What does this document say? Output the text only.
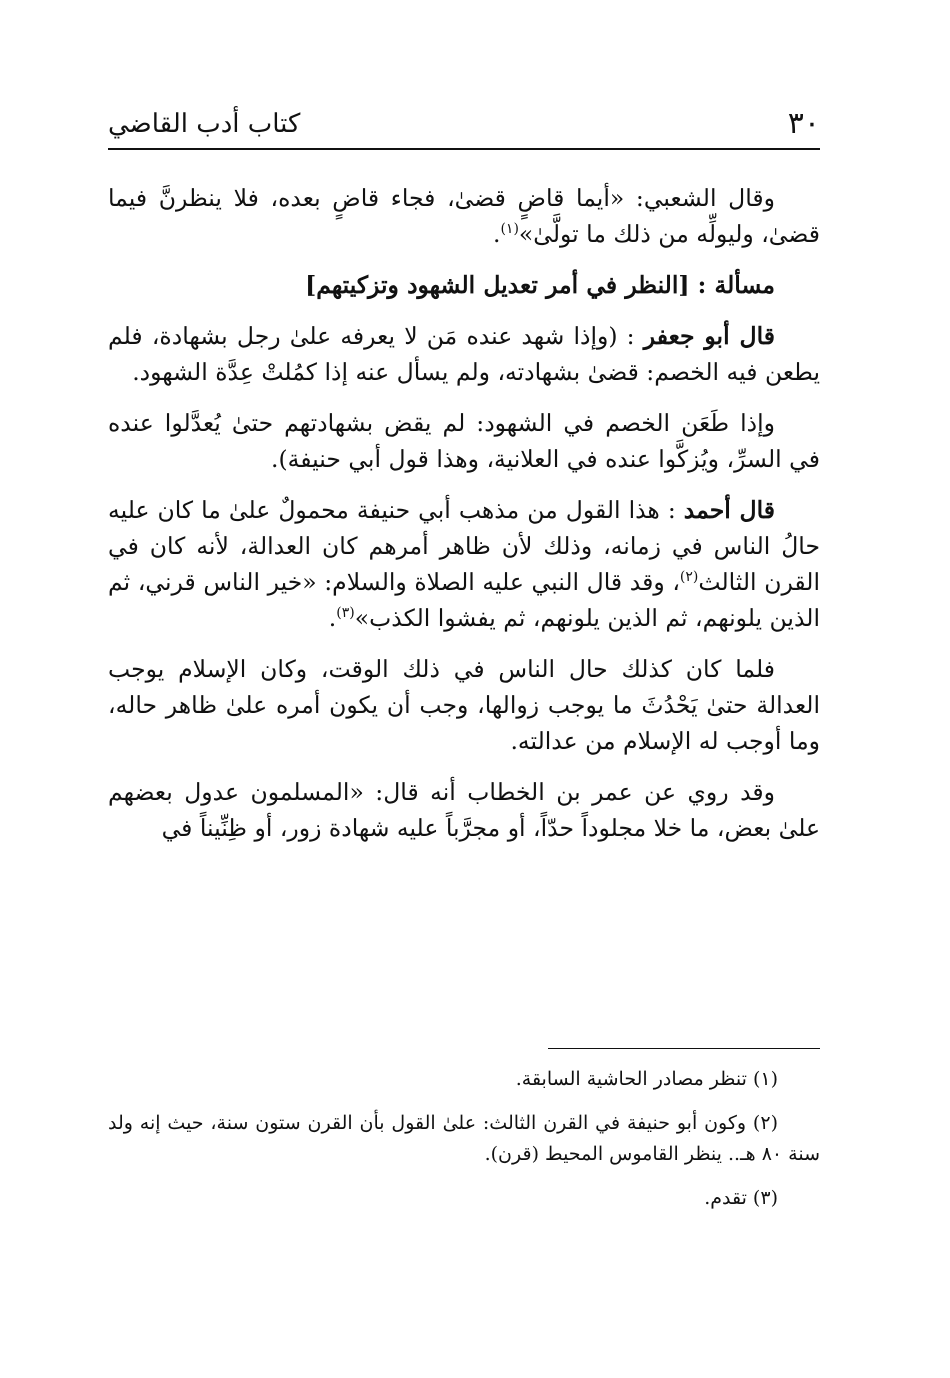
٣٠
كتاب أدب القاضي

وقال الشعبي: «أيما قاضٍ قضىٰ، فجاء قاضٍ بعده، فلا ينظرنَّ فيما قضىٰ، وليولِّه من ذلك ما تولَّىٰ»$^{(١)}$.

مسألة : [النظر في أمر تعديل الشهود وتزكيتهم]

قال أبو جعفر : (وإذا شهد عنده مَن لا يعرفه علىٰ رجل بشهادة، فلم يطعن فيه الخصم: قضىٰ بشهادته، ولم يسأل عنه إذا كمُلتْ عِدَّة الشهود.

وإذا طَعَن الخصم في الشهود: لم يقض بشهادتهم حتىٰ يُعدَّلوا عنده في السرِّ، ويُزكَّوا عنده في العلانية، وهذا قول أبي حنيفة).

قال أحمد : هذا القول من مذهب أبي حنيفة محمولٌ علىٰ ما كان عليه حالُ الناس في زمانه، وذلك لأن ظاهر أمرهم كان العدالة، لأنه كان في القرن الثالث$^{(٢)}$، وقد قال النبي عليه الصلاة والسلام: «خير الناس قرني، ثم الذين يلونهم، ثم الذين يلونهم، ثم يفشوا الكذب»$^{(٣)}$.

فلما كان كذلك حال الناس في ذلك الوقت، وكان الإسلام يوجب العدالة حتىٰ يَحْدُثَ ما يوجب زوالها، وجب أن يكون أمره علىٰ ظاهر حاله، وما أوجب له الإسلام من عدالته.

وقد روي عن عمر بن الخطاب أنه قال: «المسلمون عدول بعضهم علىٰ بعض، ما خلا مجلوداً حدّاً، أو مجرَّباً عليه شهادة زور، أو ظِنِّيناً في

(١) تنظر مصادر الحاشية السابقة.

(٢) وكون أبو حنيفة في القرن الثالث: علىٰ القول بأن القرن ستون سنة، حيث إنه ولد سنة ٨٠ هـ.. ينظر القاموس المحيط (قرن).

(٣) تقدم.
